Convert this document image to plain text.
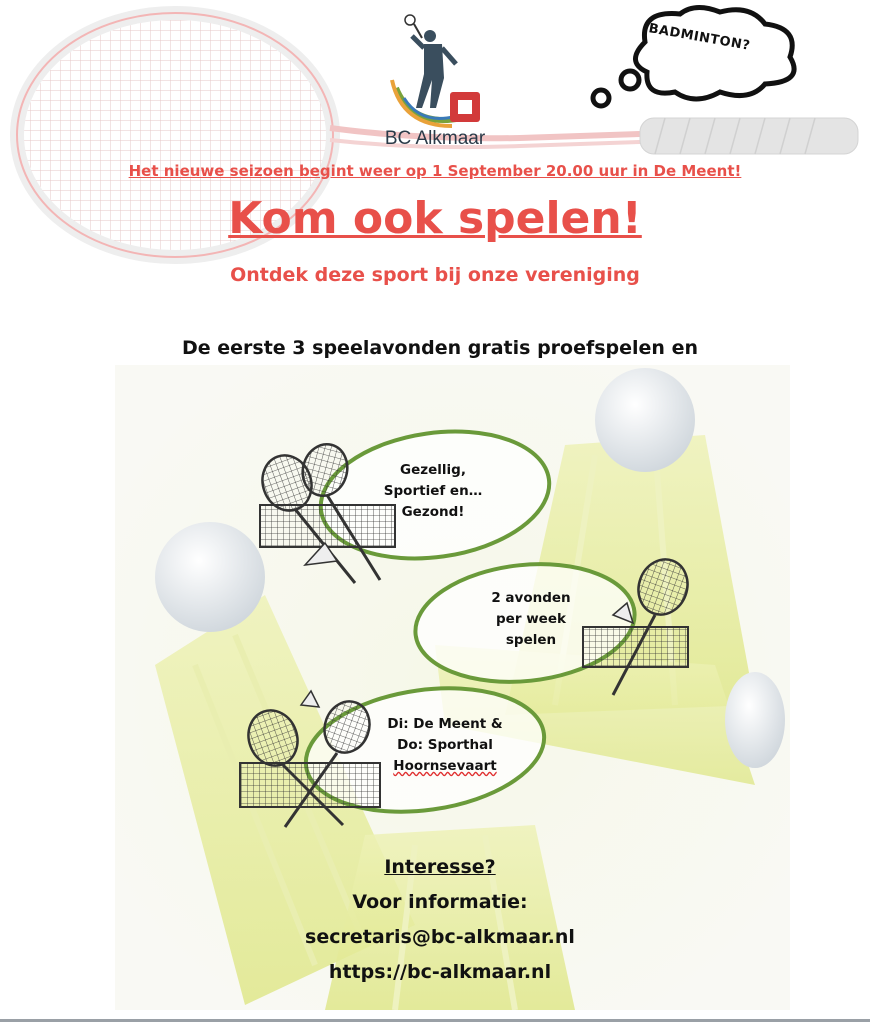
BC Alkmaar
BADMINTON?
Het nieuwe seizoen begint weer op 1 September 20.00 uur in De Meent!
Kom ook spelen!
Ontdek deze sport bij onze vereniging
De eerste 3 speelavonden gratis proefspelen en
Gezellig,
Sportief en…
Gezond!
2 avonden
per week
spelen
Di: De Meent &
Do: Sporthal
Hoornsevaart
Interesse?
Voor informatie:
secretaris@bc-alkmaar.nl
https://bc-alkmaar.nl
